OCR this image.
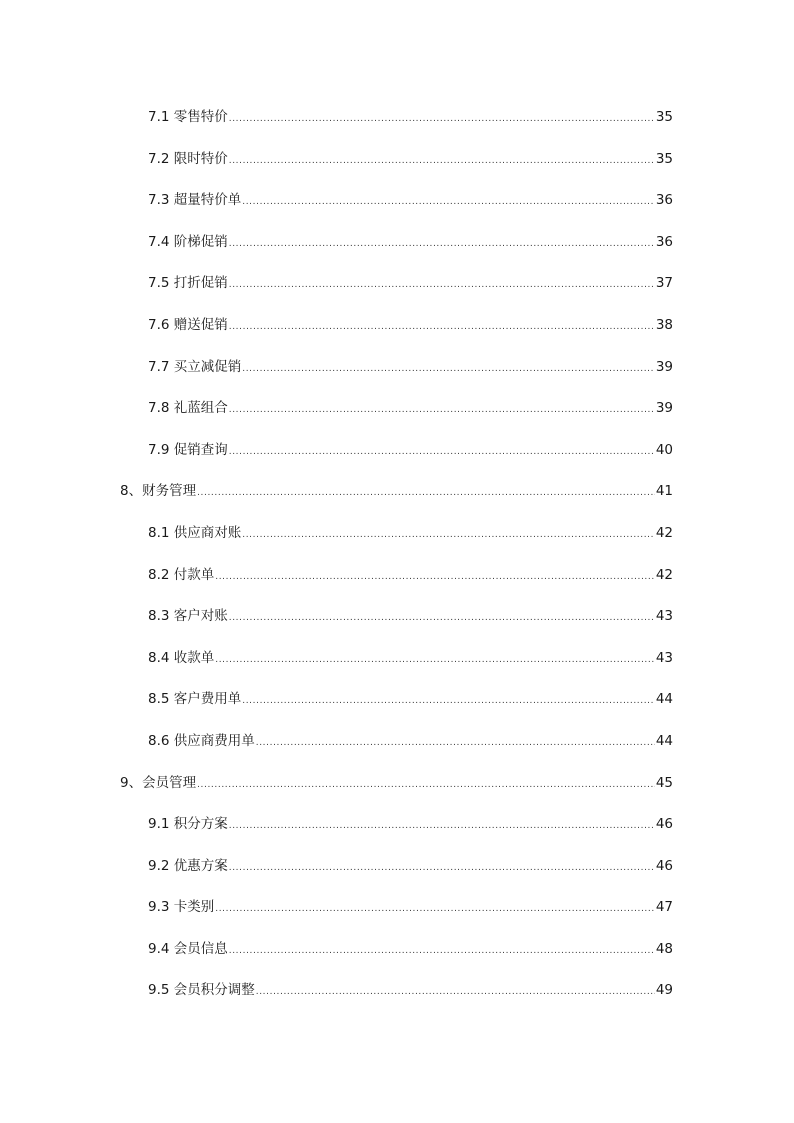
7.1 零售特价 .....	35
7.2 限时特价 .....	35
7.3 超量特价单 .....	36
7.4 阶梯促销 .....	36
7.5 打折促销 .....	37
7.6 赠送促销 .....	38
7.7 买立减促销 .....	39
7.8 礼蓝组合 .....	39
7.9 促销查询 .....	40
8、财务管理 .....	41
8.1 供应商对账 .....	42
8.2 付款单 .....	42
8.3 客户对账 .....	43
8.4 收款单 .....	43
8.5 客户费用单 .....	44
8.6 供应商费用单 .....	44
9、会员管理 .....	45
9.1 积分方案 .....	46
9.2 优惠方案 .....	46
9.3 卡类别 .....	47
9.4 会员信息 .....	48
9.5 会员积分调整 .....	49
